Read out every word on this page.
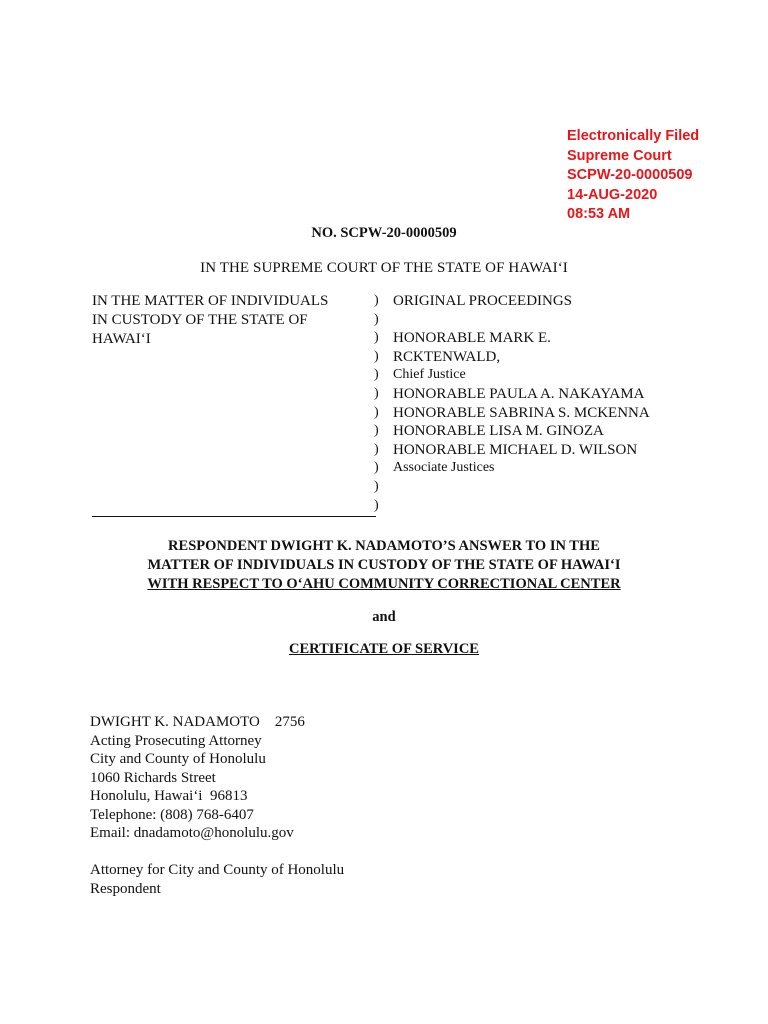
Electronically Filed
Supreme Court
SCPW-20-0000509
14-AUG-2020
08:53 AM
NO. SCPW-20-0000509
IN THE SUPREME COURT OF THE STATE OF HAWAI‘I
IN THE MATTER OF INDIVIDUALS
IN CUSTODY OF THE STATE OF
HAWAI‘I
)
)
)
)
)
)
)
)
)
)
)
)
ORIGINAL PROCEEDINGS

HONORABLE MARK E.
RCKTENWALD,
Chief Justice
HONORABLE PAULA A. NAKAYAMA
HONORABLE SABRINA S. MCKENNA
HONORABLE LISA M. GINOZA
HONORABLE MICHAEL D. WILSON
Associate Justices
RESPONDENT DWIGHT K. NADAMOTO’S ANSWER TO IN THE
MATTER OF INDIVIDUALS IN CUSTODY OF THE STATE OF HAWAI‘I
WITH RESPECT TO O‘AHU COMMUNITY CORRECTIONAL CENTER
and
CERTIFICATE OF SERVICE
DWIGHT K. NADAMOTO    2756
Acting Prosecuting Attorney
City and County of Honolulu
1060 Richards Street
Honolulu, Hawai‘i  96813
Telephone: (808) 768-6407
Email: dnadamoto@honolulu.gov
Attorney for City and County of Honolulu
Respondent
